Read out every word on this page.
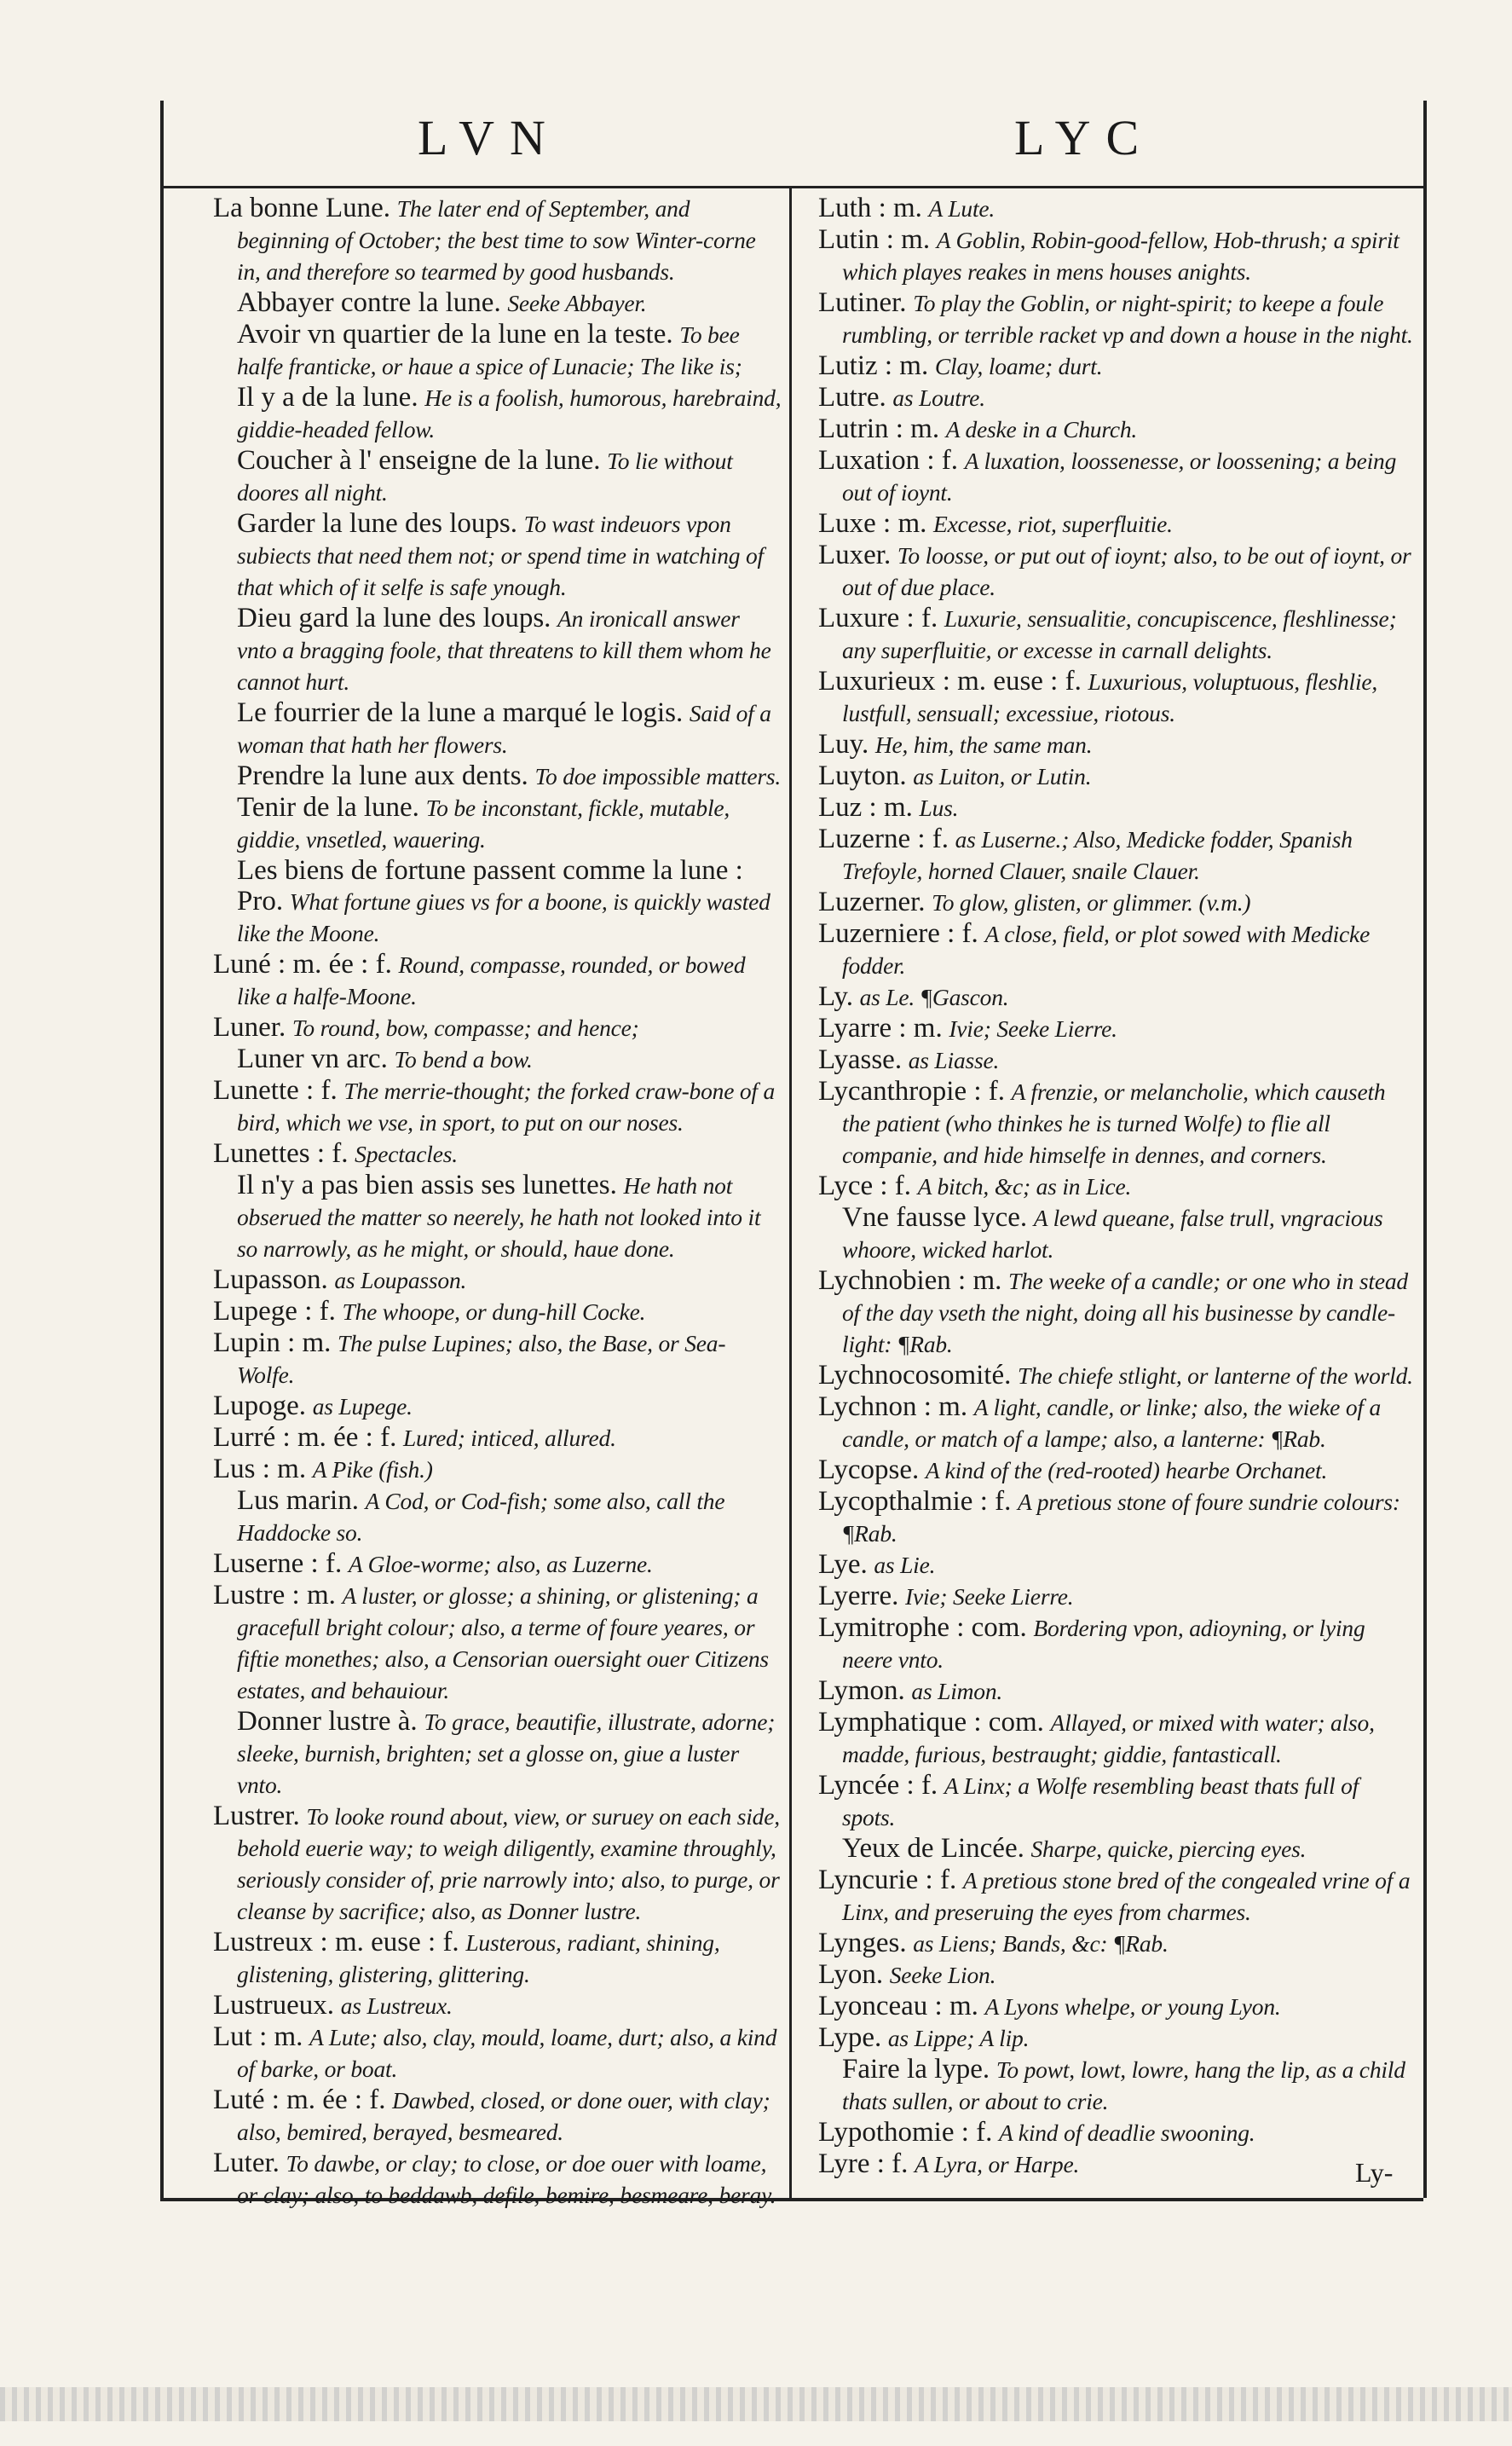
LVN	LYC

La bonne Lune. The later end of September, and beginning of October; the best time to sow Winter-corne in, and therefore so tearmed by good husbands.

Abbayer contre la lune. Seeke Abbayer.

Avoir vn quartier de la lune en la teste. To bee halfe franticke, or haue a spice of Lunacie; The like is;

Il y a de la lune. He is a foolish, humorous, harebraind, giddie-headed fellow.

Coucher à l' enseigne de la lune. To lie without doores all night.

Garder la lune des loups. To wast indeuors vpon subiects that need them not; or spend time in watching of that which of it selfe is safe ynough.

Dieu gard la lune des loups. An ironicall answer vnto a bragging foole, that threatens to kill them whom he cannot hurt.

Le fourrier de la lune a marqué le logis. Said of a woman that hath her flowers.

Prendre la lune aux dents. To doe impossible matters.

Tenir de la lune. To be inconstant, fickle, mutable, giddie, vnsetled, wauering.

Les biens de fortune passent comme la lune : Pro. What fortune giues vs for a boone, is quickly wasted like the Moone.

Luné : m. ée : f. Round, compasse, rounded, or bowed like a halfe-Moone.

Luner. To round, bow, compasse; and hence;

Luner vn arc. To bend a bow.

Lunette : f. The merrie-thought; the forked craw-bone of a bird, which we vse, in sport, to put on our noses.

Lunettes : f. Spectacles.

Il n'y a pas bien assis ses lunettes. He hath not obserued the matter so neerely, he hath not looked into it so narrowly, as he might, or should, haue done.

Lupasson. as Loupasson.

Lupege : f. The whoope, or dung-hill Cocke.

Lupin : m. The pulse Lupines; also, the Base, or Sea-Wolfe.

Lupoge. as Lupege.

Lurré : m. ée : f. Lured; inticed, allured.

Lus : m. A Pike (fish.)

Lus marin. A Cod, or Cod-fish; some also, call the Haddocke so.

Luserne : f. A Gloe-worme; also, as Luzerne.

Lustre : m. A luster, or glosse; a shining, or glistening; a gracefull bright colour; also, a terme of foure yeares, or fiftie monethes; also, a Censorian ouersight ouer Citizens estates, and behauiour.

Donner lustre à. To grace, beautifie, illustrate, adorne; sleeke, burnish, brighten; set a glosse on, giue a luster vnto.

Lustrer. To looke round about, view, or suruey on each side, behold euerie way; to weigh diligently, examine throughly, seriously consider of, prie narrowly into; also, to purge, or cleanse by sacrifice; also, as Donner lustre.

Lustreux : m. euse : f. Lusterous, radiant, shining, glistening, glistering, glittering.

Lustrueux. as Lustreux.

Lut : m. A Lute; also, clay, mould, loame, durt; also, a kind of barke, or boat.

Luté : m. ée : f. Dawbed, closed, or done ouer, with clay; also, bemired, berayed, besmeared.

Luter. To dawbe, or clay; to close, or doe ouer with loame, or clay; also, to beddawb, defile, bemire, besmeare, beray.

Luth : m. A Lute.

Lutin : m. A Goblin, Robin-good-fellow, Hob-thrush; a spirit which playes reakes in mens houses anights.

Lutiner. To play the Goblin, or night-spirit; to keepe a foule rumbling, or terrible racket vp and down a house in the night.

Lutiz : m. Clay, loame; durt.

Lutre. as Loutre.

Lutrin : m. A deske in a Church.

Luxation : f. A luxation, loossenesse, or loossening; a being out of ioynt.

Luxe : m. Excesse, riot, superfluitie.

Luxer. To loosse, or put out of ioynt; also, to be out of ioynt, or out of due place.

Luxure : f. Luxurie, sensualitie, concupiscence, fleshlinesse; any superfluitie, or excesse in carnall delights.

Luxurieux : m. euse : f. Luxurious, voluptuous, fleshlie, lustfull, sensuall; excessiue, riotous.

Luy. He, him, the same man.

Luyton. as Luiton, or Lutin.

Luz : m. Lus.

Luzerne : f. as Luserne.; Also, Medicke fodder, Spanish Trefoyle, horned Clauer, snaile Clauer.

Luzerner. To glow, glisten, or glimmer. (v.m.)

Luzerniere : f. A close, field, or plot sowed with Medicke fodder.

Ly. as Le. ¶Gascon.

Lyarre : m. Ivie; Seeke Lierre.

Lyasse. as Liasse.

Lycanthropie : f. A frenzie, or melancholie, which causeth the patient (who thinkes he is turned Wolfe) to flie all companie, and hide himselfe in dennes, and corners.

Lyce : f. A bitch, &c; as in Lice.

Vne fausse lyce. A lewd queane, false trull, vngracious whoore, wicked harlot.

Lychnobien : m. The weeke of a candle; or one who in stead of the day vseth the night, doing all his businesse by candle-light: ¶Rab.

Lychnocosomité. The chiefe stlight, or lanterne of the world.

Lychnon : m. A light, candle, or linke; also, the wieke of a candle, or match of a lampe; also, a lanterne: ¶Rab.

Lycopse. A kind of the (red-rooted) hearbe Orchanet.

Lycopthalmie : f. A pretious stone of foure sundrie colours: ¶Rab.

Lye. as Lie.

Lyerre. Ivie; Seeke Lierre.

Lymitrophe : com. Bordering vpon, adioyning, or lying neere vnto.

Lymon. as Limon.

Lymphatique : com. Allayed, or mixed with water; also, madde, furious, bestraught; giddie, fantasticall.

Lyncée : f. A Linx; a Wolfe resembling beast thats full of spots.

Yeux de Lincée. Sharpe, quicke, piercing eyes.

Lyncurie : f. A pretious stone bred of the congealed vrine of a Linx, and preseruing the eyes from charmes.

Lynges. as Liens; Bands, &c: ¶Rab.

Lyon. Seeke Lion.

Lyonceau : m. A Lyons whelpe, or young Lyon.

Lype. as Lippe; A lip.

Faire la lype. To powt, lowt, lowre, hang the lip, as a child thats sullen, or about to crie.

Lypothomie : f. A kind of deadlie swooning.

Lyre : f. A Lyra, or Harpe.	Ly-
